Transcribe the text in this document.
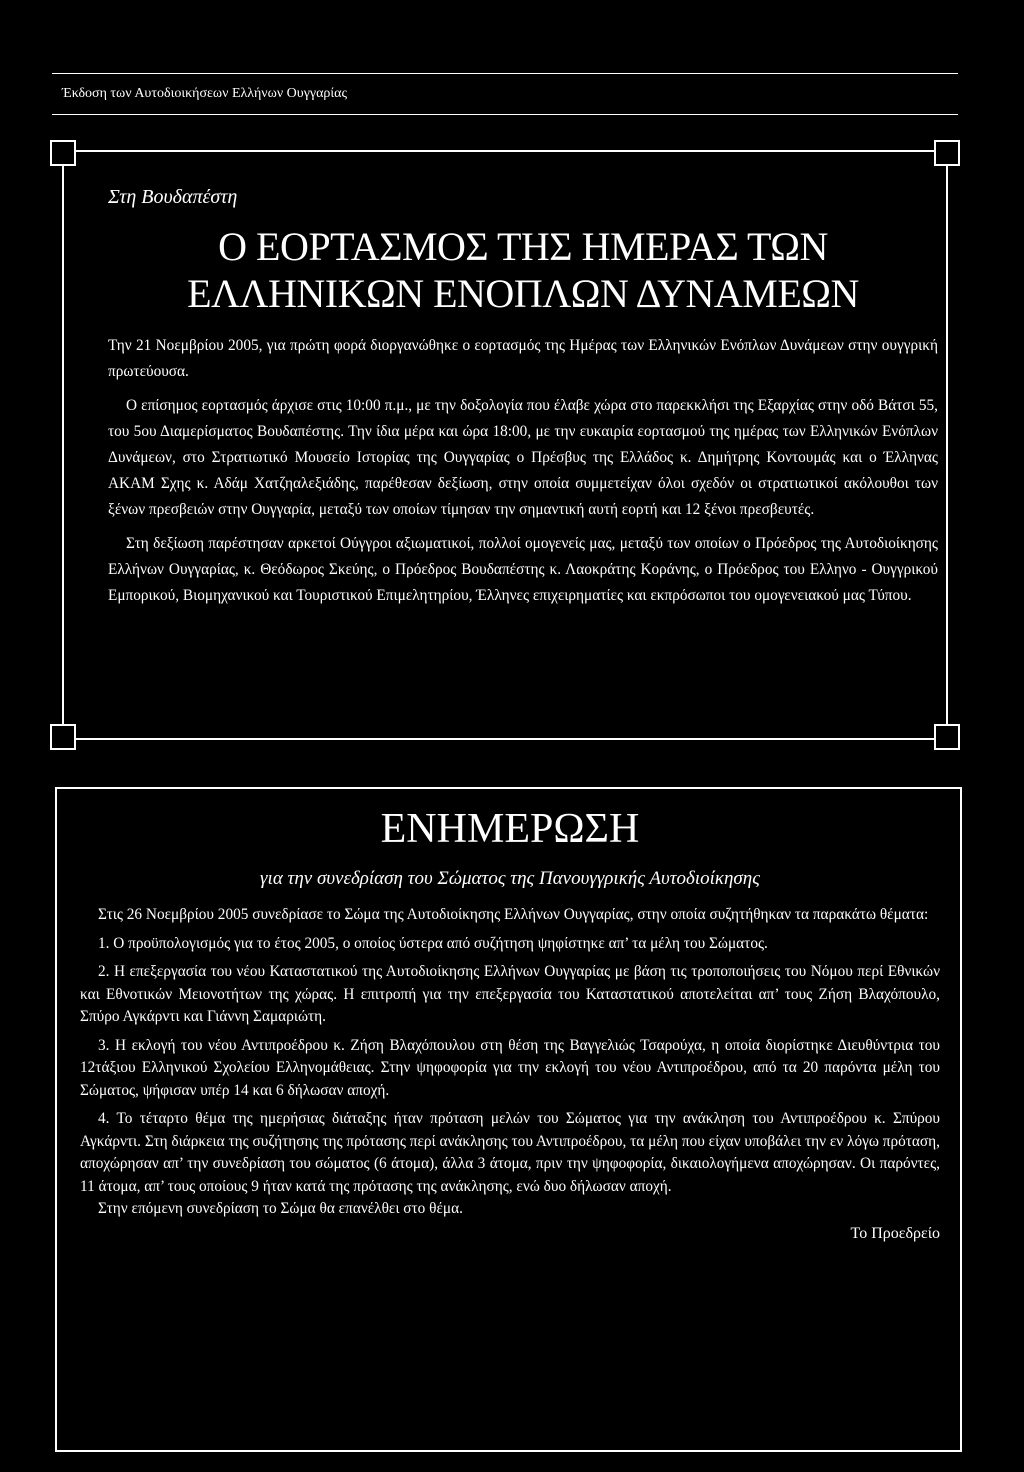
Έκδοση των Αυτοδιοικήσεων Ελλήνων Ουγγαρίας

Στη Βουδαπέστη

Ο ΕΟΡΤΑΣΜΟΣ ΤΗΣ ΗΜΕΡΑΣ ΤΩΝ
ΕΛΛΗΝΙΚΩΝ ΕΝΟΠΛΩΝ ΔΥΝΑΜΕΩΝ

Την 21 Νοεμβρίου 2005, για πρώτη φορά διοργανώθηκε ο εορτασμός της Ημέρας των Ελληνικών Ενόπλων Δυνάμεων στην ουγγρική πρωτεύουσα.

Ο επίσημος εορτασμός άρχισε στις 10:00 π.μ., με την δοξολογία που έλαβε χώρα στο παρεκκλήσι της Εξαρχίας στην οδό Βάτσι 55, του 5ου Διαμερίσματος Βουδαπέστης. Την ίδια μέρα και ώρα 18:00, με την ευκαιρία εορτασμού της ημέρας των Ελληνικών Ενόπλων Δυνάμεων, στο Στρατιωτικό Μουσείο Ιστορίας της Ουγγαρίας ο Πρέσβυς της Ελλάδος κ. Δημήτρης Κοντουμάς και ο Έλληνας ΑΚΑΜ Σχης κ. Αδάμ Χατζηαλεξιάδης, παρέθεσαν δεξίωση, στην οποία συμμετείχαν όλοι σχεδόν οι στρατιωτικοί ακόλουθοι των ξένων πρεσβειών στην Ουγγαρία, μεταξύ των οποίων τίμησαν την σημαντική αυτή εορτή και 12 ξένοι πρεσβευτές.

Στη δεξίωση παρέστησαν αρκετοί Ούγγροι αξιωματικοί, πολλοί ομογενείς μας, μεταξύ των οποίων ο Πρόεδρος της Αυτοδιοίκησης Ελλήνων Ουγγαρίας, κ. Θεόδωρος Σκεύης, ο Πρόεδρος Βουδαπέστης κ. Λαοκράτης Κοράνης, ο Πρόεδρος του Ελληνο - Ουγγρικού Εμπορικού, Βιομηχανικού και Τουριστικού Επιμελητηρίου, Έλληνες επιχειρηματίες και εκπρόσωποι του ομογενειακού μας Τύπου.

ΕΝΗΜΕΡΩΣΗ

για την συνεδρίαση του Σώματος της Πανουγγρικής Αυτοδιοίκησης

Στις 26 Νοεμβρίου 2005 συνεδρίασε το Σώμα της Αυτοδιοίκησης Ελλήνων Ουγγαρίας, στην οποία συζητήθηκαν τα παρακάτω θέματα:

1. Ο προϋπολογισμός για το έτος 2005, ο οποίος ύστερα από συζήτηση ψηφίστηκε απ’ τα μέλη του Σώματος.

2. Η επεξεργασία του νέου Καταστατικού της Αυτοδιοίκησης Ελλήνων Ουγγαρίας με βάση τις τροποποιήσεις του Νόμου περί Εθνικών και Εθνοτικών Μειονοτήτων της χώρας. Η επιτροπή για την επεξεργασία του Καταστατικού αποτελείται απ’ τους Ζήση Βλαχόπουλο, Σπύρο Αγκάρντι και Γιάννη Σαμαριώτη.

3. Η εκλογή του νέου Αντιπροέδρου κ. Ζήση Βλαχόπουλου στη θέση της Βαγγελιώς Τσαρούχα, η οποία διορίστηκε Διευθύντρια του 12τάξιου Ελληνικού Σχολείου Ελληνομάθειας. Στην ψηφοφορία για την εκλογή του νέου Αντιπροέδρου, από τα 20 παρόντα μέλη του Σώματος, ψήφισαν υπέρ 14 και 6 δήλωσαν αποχή.

4. Το τέταρτο θέμα της ημερήσιας διάταξης ήταν πρόταση μελών του Σώματος για την ανάκληση του Αντιπροέδρου κ. Σπύρου Αγκάρντι. Στη διάρκεια της συζήτησης της πρότασης περί ανάκλησης του Αντιπροέδρου, τα μέλη που είχαν υποβάλει την εν λόγω πρόταση, αποχώρησαν απ’ την συνεδρίαση του σώματος (6 άτομα), άλλα 3 άτομα, πριν την ψηφοφορία, δικαιολογήμενα αποχώρησαν. Οι παρόντες, 11 άτομα, απ’ τους οποίους 9 ήταν κατά της πρότασης της ανάκλησης, ενώ δυο δήλωσαν αποχή.

Στην επόμενη συνεδρίαση το Σώμα θα επανέλθει στο θέμα.

Το Προεδρείο
